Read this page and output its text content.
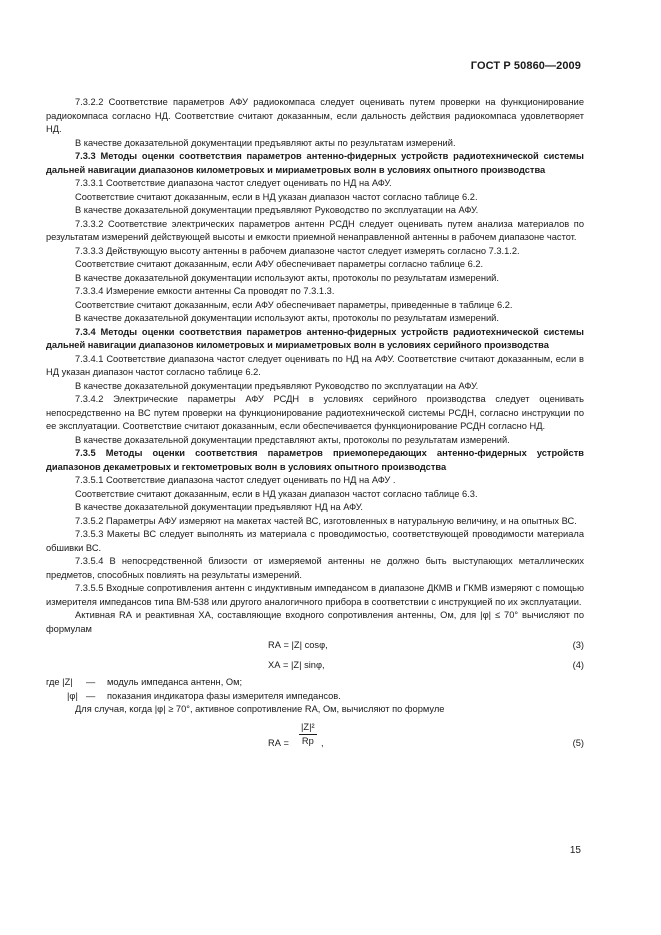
ГОСТ Р 50860—2009

7.3.2.2 Соответствие параметров АФУ радиокомпаса следует оценивать путем проверки на функционирование радиокомпаса согласно НД. Соответствие считают доказанным, если дальность действия радиокомпаса удовлетворяет НД.

В качестве доказательной документации предъявляют акты по результатам измерений.

7.3.3 Методы оценки соответствия параметров антенно-фидерных устройств радиотехнической системы дальней навигации диапазонов километровых и мириаметровых волн в условиях опытного производства

7.3.3.1 Соответствие диапазона частот следует оценивать по НД на АФУ.

Соответствие считают доказанным, если в НД указан диапазон частот согласно таблице 6.2.

В качестве доказательной документации предъявляют Руководство по эксплуатации на АФУ.

7.3.3.2 Соответствие электрических параметров антенн РСДН следует оценивать путем анализа материалов по результатам измерений действующей высоты и емкости приемной ненаправленной антенны в рабочем диапазоне частот.

7.3.3.3 Действующую высоту антенны в рабочем диапазоне частот следует измерять согласно 7.3.1.2.

Соответствие считают доказанным, если АФУ обеспечивает параметры согласно таблице 6.2.

В качестве доказательной документации используют акты, протоколы по результатам измерений.

7.3.3.4 Измерение емкости антенны Cа проводят по 7.3.1.3.

Соответствие считают доказанным, если АФУ обеспечивает параметры, приведенные в таблице 6.2.

В качестве доказательной документации используют акты, протоколы по результатам измерений.

7.3.4 Методы оценки соответствия параметров антенно-фидерных устройств радиотехнической системы дальней навигации диапазонов километровых и мириаметровых волн в условиях серийного производства

7.3.4.1 Соответствие диапазона частот следует оценивать по НД на АФУ. Соответствие считают доказанным, если в НД указан диапазон частот согласно таблице 6.2.

В качестве доказательной документации предъявляют Руководство по эксплуатации на АФУ.

7.3.4.2 Электрические параметры АФУ РСДН в условиях серийного производства следует оценивать непосредственно на ВС путем проверки на функционирование радиотехнической системы РСДН, согласно инструкции по ее эксплуатации. Соответствие считают доказанным, если обеспечивается функционирование РСДН согласно НД.

В качестве доказательной документации представляют акты, протоколы по результатам измерений.

7.3.5 Методы оценки соответствия параметров приемопередающих антенно-фидерных устройств диапазонов декаметровых и гектометровых волн в условиях опытного производства

7.3.5.1 Соответствие диапазона частот следует оценивать по НД на АФУ .

Соответствие считают доказанным, если в НД указан диапазон частот согласно таблице 6.3.

В качестве доказательной документации предъявляют НД на АФУ.

7.3.5.2 Параметры АФУ измеряют на макетах частей ВС, изготовленных в натуральную величину, и на опытных ВС.

7.3.5.3 Макеты ВС следует выполнять из материала с проводимостью, соответствующей проводимости материала обшивки ВС.

7.3.5.4 В непосредственной близости от измеряемой антенны не должно быть выступающих металлических предметов, способных повлиять на результаты измерений.

7.3.5.5 Входные сопротивления антенн с индуктивным импедансом в диапазоне ДКМВ и ГКМВ измеряют с помощью измерителя импедансов типа ВМ-538 или другого аналогичного прибора в соответствии с инструкцией по их эксплуатации.

Активная RА и реактивная XА, составляющие входного сопротивления антенны, Ом, для |φ| ≤ 70° вычисляют по формулам

RА = |Z| cosφ,	(3)
XА = |Z| sinφ,	(4)
где |Z| — модуль импеданса антенн, Ом;
|φ| — показания индикатора фазы измерителя импедансов.

Для случая, когда |φ| ≥ 70°, активное сопротивление RА, Ом, вычисляют по формуле

RА =
|Z|²
Rр ,	(5)
15
